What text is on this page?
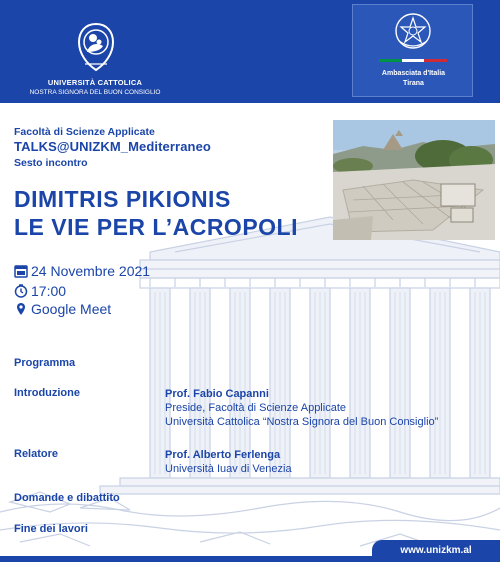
UNIVERSITÀ CATTOLICA
NOSTRA SIGNORA DEL BUON CONSIGLIO
Ambasciata d'Italia
Tirana
Facoltà di Scienze Applicate
TALKS@UNIZKM_Mediterraneo
Sesto incontro
DIMITRIS PIKIONIS
LE VIE PER L’ACROPOLI
24 Novembre 2021
17:00
Google Meet
Programma
Introduzione	Prof. Fabio Capanni
Preside, Facoltà di Scienze Applicate
Università Cattolica “Nostra Signora del Buon Consiglio”
Relatore	Prof. Alberto Ferlenga
Università Iuav di Venezia
Domande e dibattito
Fine dei lavori
www.unizkm.al
